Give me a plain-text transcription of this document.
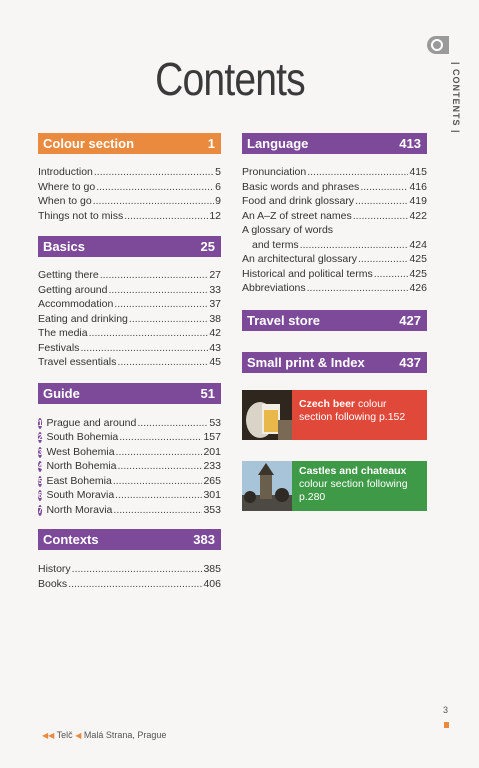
| CONTENTS |
Contents
Colour section	1
Introduction .....	5
Where to go .....	6
When to go .....	9
Things not to miss .....	12
Basics	25
Getting there .....	27
Getting around .....	33
Accommodation .....	37
Eating and drinking .....	38
The media .....	42
Festivals .....	43
Travel essentials .....	45
Guide	51
1 Prague and around .....	53
2 South Bohemia .....	157
3 West Bohemia .....	201
4 North Bohemia .....	233
5 East Bohemia .....	265
6 South Moravia .....	301
7 North Moravia .....	353
Contexts	383
History .....	385
Books .....	406
Language	413
Pronunciation .....	415
Basic words and phrases .....	416
Food and drink glossary .....	419
An A–Z of street names .....	422
A glossary of words
and terms .....	424
An architectural glossary .....	425
Historical and political terms .....	425
Abbreviations .....	426
Travel store	427
Small print & Index	437
Czech beer colour section following p.152
Castles and chateaux
colour section following p.280
3
◀◀ Telč ◀ Malá Strana, Prague
